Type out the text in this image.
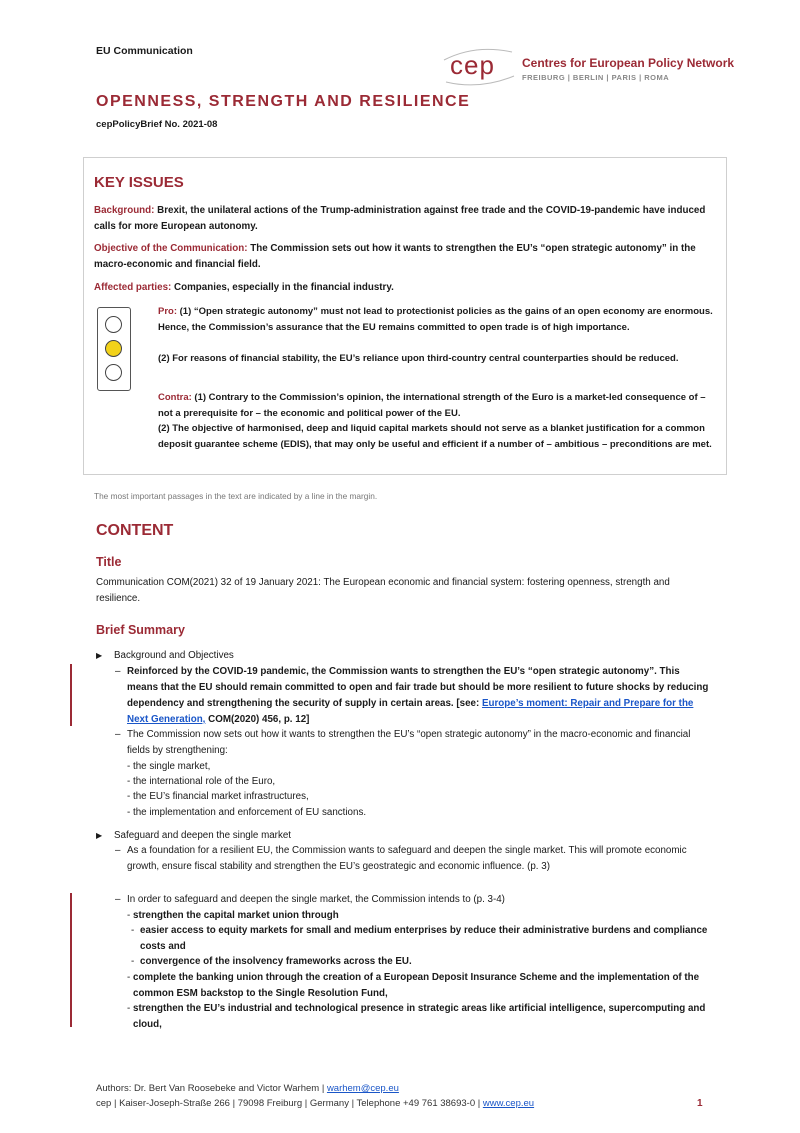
EU Communication	cep Centres for European Policy Network
FREIBURG | BERLIN | PARIS | ROMA
OPENNESS, STRENGTH AND RESILIENCE
cepPolicyBrief No. 2021-08
KEY ISSUES
Background: Brexit, the unilateral actions of the Trump-administration against free trade and the COVID-19-pandemic have induced calls for more European autonomy.
Objective of the Communication: The Commission sets out how it wants to strengthen the EU’s “open strategic autonomy” in the macro-economic and financial field.
Affected parties: Companies, especially in the financial industry.
Pro: (1) “Open strategic autonomy” must not lead to protectionist policies as the gains of an open economy are enormous. Hence, the Commission’s assurance that the EU remains committed to open trade is of high importance.
(2) For reasons of financial stability, the EU’s reliance upon third-country central counterparties should be reduced.
Contra: (1) Contrary to the Commission’s opinion, the international strength of the Euro is a market-led consequence of – not a prerequisite for – the economic and political power of the EU.
(2) The objective of harmonised, deep and liquid capital markets should not serve as a blanket justification for a common deposit guarantee scheme (EDIS), that may only be useful and efficient if a number of – ambitious – preconditions are met.
The most important passages in the text are indicated by a line in the margin.
CONTENT
Title
Communication COM(2021) 32 of 19 January 2021: The European economic and financial system: fostering openness, strength and resilience.
Brief Summary
▶ Background and Objectives
– Reinforced by the COVID-19 pandemic, the Commission wants to strengthen the EU’s “open strategic autonomy”. This means that the EU should remain committed to open and fair trade but should be more resilient to future shocks by reducing dependency and strengthening the security of supply in certain areas. [see: Europe’s moment: Repair and Prepare for the Next Generation, COM(2020) 456, p. 12]
– The Commission now sets out how it wants to strengthen the EU’s “open strategic autonomy” in the macro-economic and financial fields by strengthening:
- the single market,
- the international role of the Euro,
- the EU’s financial market infrastructures,
- the implementation and enforcement of EU sanctions.
▶ Safeguard and deepen the single market
– As a foundation for a resilient EU, the Commission wants to safeguard and deepen the single market. This will promote economic growth, ensure fiscal stability and strengthen the EU’s geostrategic and economic influence. (p. 3)
– In order to safeguard and deepen the single market, the Commission intends to (p. 3-4)
- strengthen the capital market union through
- easier access to equity markets for small and medium enterprises by reduce their administrative burdens and compliance costs and
- convergence of the insolvency frameworks across the EU.
- complete the banking union through the creation of a European Deposit Insurance Scheme and the implementation of the common ESM backstop to the Single Resolution Fund,
- strengthen the EU’s industrial and technological presence in strategic areas like artificial intelligence, supercomputing and cloud,
Authors: Dr. Bert Van Roosebeke and Victor Warhem | warhem@cep.eu
cep | Kaiser-Joseph-Straße 266 | 79098 Freiburg | Germany | Telephone +49 761 38693-0 | www.cep.eu	1
